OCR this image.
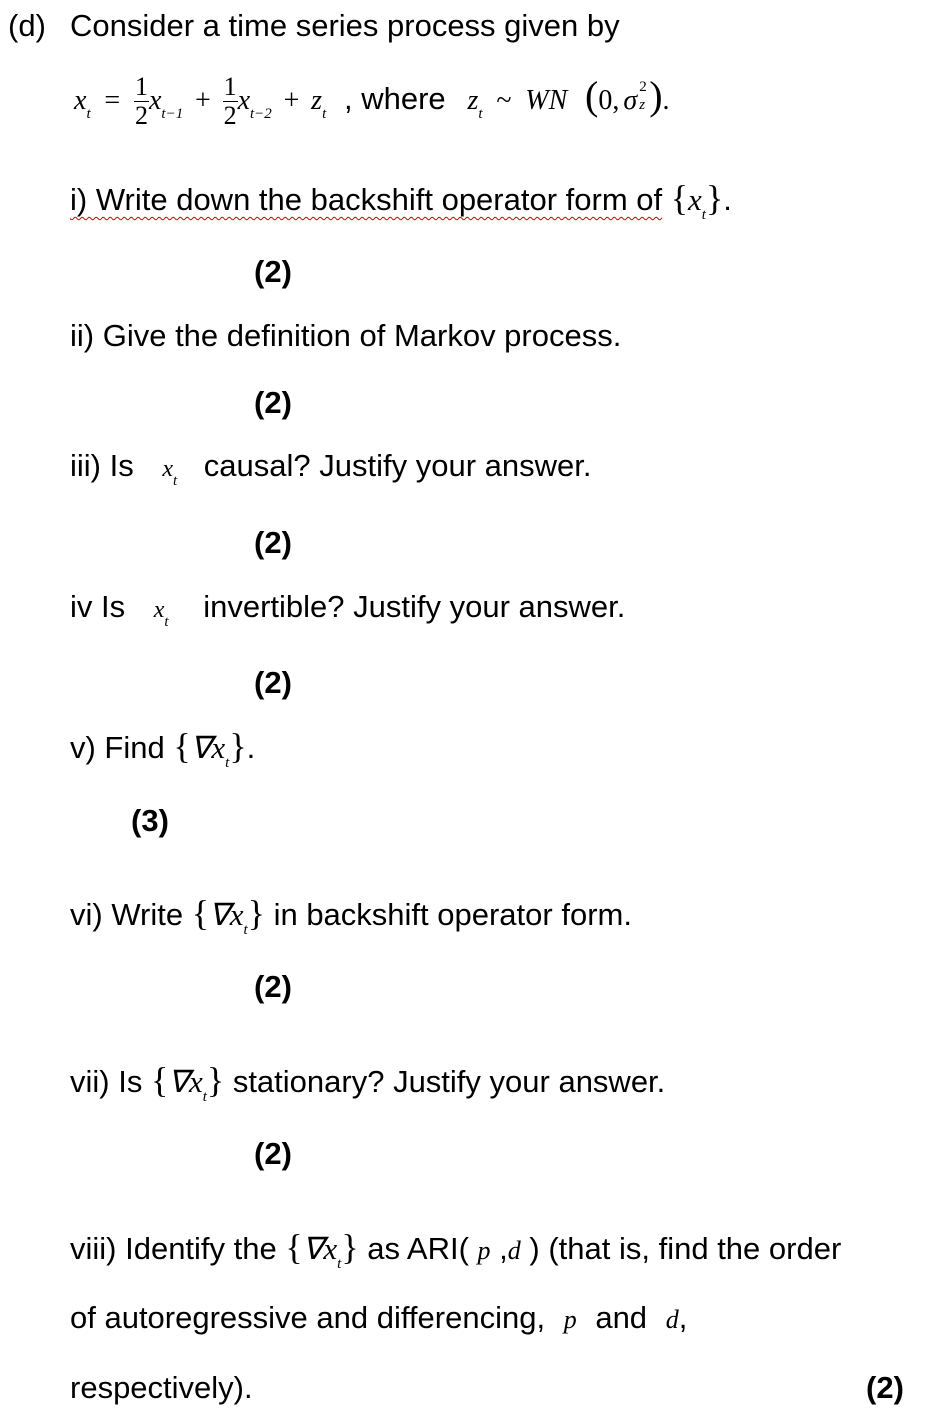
(d) Consider a time series process given by
$x_t = \frac{1}{2} x_{t-1} + \frac{1}{2} x_{t-2} + z_t$ , where $z_t$ ~ WN (0, σ 2
z ).
i) Write down the backshift operator form of $\{x_t\}$.
(2)
ii) Give the definition of Markov process.
(2)
iii) Is $x_t$ causal? Justify your answer.
(2)
iv Is $x_t$ invertible? Justify your answer.
(2)
v) Find $\{\nabla x_t\}$.
(3)
vi) Write $\{\nabla x_t\}$ in backshift operator form.
(2)
vii) Is $\{\nabla x_t\}$ stationary? Justify your answer.
(2)
viii) Identify the $\{\nabla x_t\}$ as ARI( p ,d ) (that is, find the order
of autoregressive and differencing, p and d,
respectively).	(2)
